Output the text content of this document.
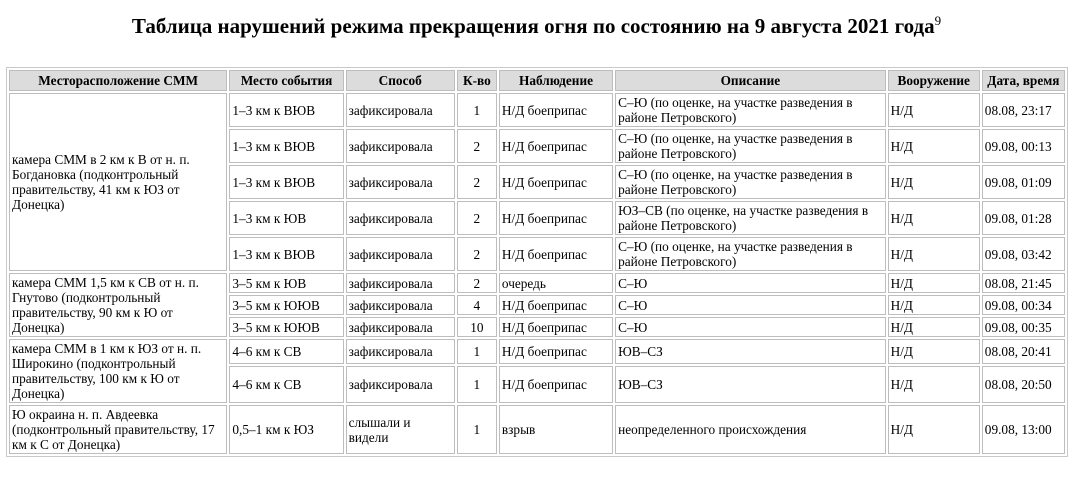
Таблица нарушений режима прекращения огня по состоянию на 9 августа 2021 года$^9$
Месторасположение СММ	Место события	Способ	К-во	Наблюдение	Описание	Вооружение	Дата, время
камера СММ в 2 км к В от н. п. Богдановка (подконтрольный правительству, 41 км к ЮЗ от Донецка)	1–3 км к ВЮВ	зафиксировала	1	Н/Д боеприпас	С–Ю (по оценке, на участке разведения в районе Петровского)	Н/Д	08.08, 23:17
	1–3 км к ВЮВ	зафиксировала	2	Н/Д боеприпас	С–Ю (по оценке, на участке разведения в районе Петровского)	Н/Д	09.08, 00:13
	1–3 км к ВЮВ	зафиксировала	2	Н/Д боеприпас	С–Ю (по оценке, на участке разведения в районе Петровского)	Н/Д	09.08, 01:09
	1–3 км к ЮВ	зафиксировала	2	Н/Д боеприпас	ЮЗ–СВ (по оценке, на участке разведения в районе Петровского)	Н/Д	09.08, 01:28
	1–3 км к ВЮВ	зафиксировала	2	Н/Д боеприпас	С–Ю (по оценке, на участке разведения в районе Петровского)	Н/Д	09.08, 03:42
камера СММ 1,5 км к СВ от н. п. Гнутово (подконтрольный правительству, 90 км к Ю от Донецка)	3–5 км к ЮВ	зафиксировала	2	очередь	С–Ю	Н/Д	08.08, 21:45
	3–5 км к ЮЮВ	зафиксировала	4	Н/Д боеприпас	С–Ю	Н/Д	09.08, 00:34
	3–5 км к ЮЮВ	зафиксировала	10	Н/Д боеприпас	С–Ю	Н/Д	09.08, 00:35
камера СММ в 1 км к ЮЗ от н. п. Широкино (подконтрольный правительству, 100 км к Ю от Донецка)	4–6 км к СВ	зафиксировала	1	Н/Д боеприпас	ЮВ–СЗ	Н/Д	08.08, 20:41
	4–6 км к СВ	зафиксировала	1	Н/Д боеприпас	ЮВ–СЗ	Н/Д	08.08, 20:50
Ю окраина н. п. Авдеевка (подконтрольный правительству, 17 км к С от Донецка)	0,5–1 км к ЮЗ	слышали и видели	1	взрыв	неопределенного происхождения	Н/Д	09.08, 13:00
